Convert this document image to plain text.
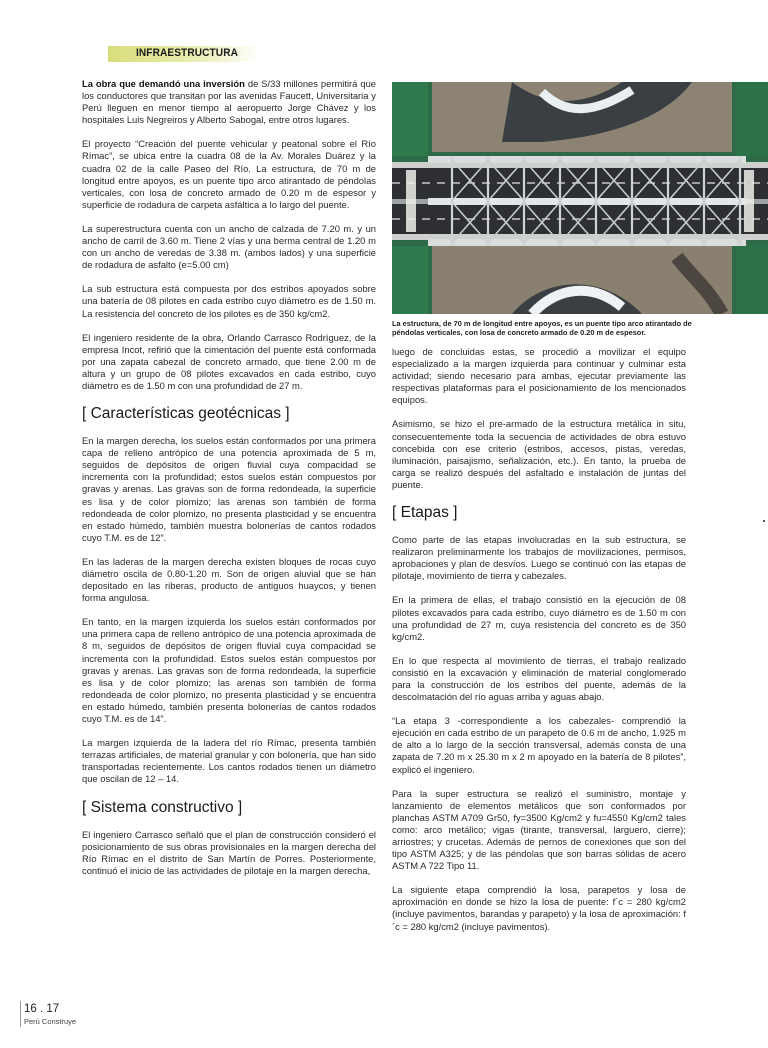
INFRAESTRUCTURA

La obra que demandó una inversión de S/33 millones permitirá que los conductores que transitan por las avenidas Faucett, Universitaria y Perú lleguen en menor tiempo al aeropuerto Jorge Chávez y los hospitales Luis Negreiros y Alberto Sabogal, entre otros lugares.

El proyecto “Creación del puente vehicular y peatonal sobre el Río Rímac”, se ubica entre la cuadra 08 de la Av. Morales Duárez y la cuadra 02 de la calle Paseo del Río. La estructura, de 70 m de longitud entre apoyos, es un puente tipo arco atirantado de péndolas verticales, con losa de concreto armado de 0.20 m de espesor y superficie de rodadura de carpeta asfáltica a lo largo del puente.

La superestructura cuenta con un ancho de calzada de 7.20 m. y un ancho de carril de 3.60 m. Tiene 2 vías y una berma central de 1.20 m con un ancho de veredas de 3.38 m. (ambos lados) y una superficie de rodadura de asfalto (e=5.00 cm)

La sub estructura está compuesta por dos estribos apoyados sobre una batería de 08 pilotes en cada estribo cuyo diámetro es de 1.50 m. La resistencia del concreto de los pilotes es de 350 kg/cm2.

El ingeniero residente de la obra, Orlando Carrasco Rodríguez, de la empresa Incot, refirió que la cimentación del puente está conformada por una zapata cabezal de concreto armado, que tiene 2.00 m de altura y un grupo de 08 pilotes excavados en cada estribo, cuyo diámetro es de 1.50 m con una profundidad de 27 m.

[ Características geotécnicas ]

En la margen derecha, los suelos están conformados por una primera capa de relleno antrópico de una potencia aproximada de 5 m, seguidos de depósitos de origen fluvial cuya compacidad se incrementa con la profundidad; estos suelos están compuestos por gravas y arenas. Las gravas son de forma redondeada, la superficie es lisa y de color plomizo; las arenas son también de forma redondeada de color plomizo, no presenta plasticidad y se encuentra en estado húmedo, también muestra bolonerías de cantos rodados cuyo T.M. es de 12”.

En las laderas de la margen derecha existen bloques de rocas cuyo diámetro oscila de 0.80-1.20 m. Son de origen aluvial que se han depositado en las riberas, producto de antiguos huaycos, y tienen forma angulosa.

En tanto, en la margen izquierda los suelos están conformados por una primera capa de relleno antrópico de una potencia aproximada de 8 m, seguidos de depósitos de origen fluvial cuya compacidad se incrementa con la profundidad. Estos suelos están compuestos por gravas y arenas. Las gravas son de forma redondeada, la superficie es lisa y de color plomizo; las arenas son también de forma redondeada de color plomizo, no presenta plasticidad y se encuentra en estado húmedo, también presenta bolonerías de cantos rodados cuyo T.M. es de 14”.

La margen izquierda de la ladera del río Rímac, presenta también terrazas artificiales, de material granular y con bolonería, que han sido transportadas recientemente. Los cantos rodados tienen un diámetro que oscilan de 12 – 14.

[ Sistema constructivo ]

El ingeniero Carrasco señaló que el plan de construcción consideró el posicionamiento de sus obras provisionales en la margen derecha del Río Rímac en el distrito de San Martín de Porres. Posteriormente, continuó el inicio de las actividades de pilotaje en la margen derecha,

La estructura, de 70 m de longitud entre apoyos, es un puente tipo arco atirantado de péndolas verticales, con losa de concreto armado de 0.20 m de espesor.

luego de concluidas estas, se procedió a movilizar el equipo especializado a la margen izquierda para continuar y culminar esta actividad; siendo necesario para ambas, ejecutar previamente las respectivas plataformas para el posicionamiento de los mencionados equipos.

Asimismo, se hizo el pre-armado de la estructura metálica in situ, consecuentemente toda la secuencia de actividades de obra estuvo concebida con ese criterio (estribos, accesos, pistas, veredas, iluminación, paisajismo, señalización, etc.). En tanto, la prueba de carga se realizó después del asfaltado e instalación de juntas del puente.

[ Etapas ]

Como parte de las etapas involucradas en la sub estructura, se realizaron preliminarmente los trabajos de movilizaciones, permisos, aprobaciones y plan de desvíos. Luego se continuó con las etapas de pilotaje, movimiento de tierra y cabezales.

En la primera de ellas, el trabajo consistió en la ejecución de 08 pilotes excavados para cada estribo, cuyo diámetro es de 1.50 m con una profundidad de 27 m, cuya resistencia del concreto es de 350 kg/cm2.

En lo que respecta al movimiento de tierras, el trabajo realizado consistió en la excavación y eliminación de material conglomerado para la construcción de los estribos del puente, además de la descolmatación del río aguas arriba y aguas abajo.

“La etapa 3 -correspondiente a los cabezales- comprendió la ejecución en cada estribo de un parapeto de 0.6 m de ancho, 1.925 m de alto a lo largo de la sección transversal, además consta de una zapata de 7.20 m x 25.30 m x 2 m apoyado en la batería de 8 pilotes”, explicó el ingeniero.

Para la super estructura se realizó el suministro, montaje y lanzamiento de elementos metálicos que son conformados por planchas ASTM A709 Gr50, fy=3500 Kg/cm2 y fu=4550 Kg/cm2 tales como: arco metálico; vigas (tirante, transversal, larguero, cierre); arriostres; y crucetas. Además de pernos de conexiones que son del tipo ASTM A325; y de las péndolas que son barras sólidas de acero ASTM A 722 Tipo 11.

La siguiente etapa comprendió la losa, parapetos y losa de aproximación en donde se hizo la losa de puente: f´c = 280 kg/cm2 (incluye pavimentos, barandas y parapeto) y la losa de aproximación: f´c = 280 kg/cm2 (incluye pavimentos).

16 . 17
Perú Construye
